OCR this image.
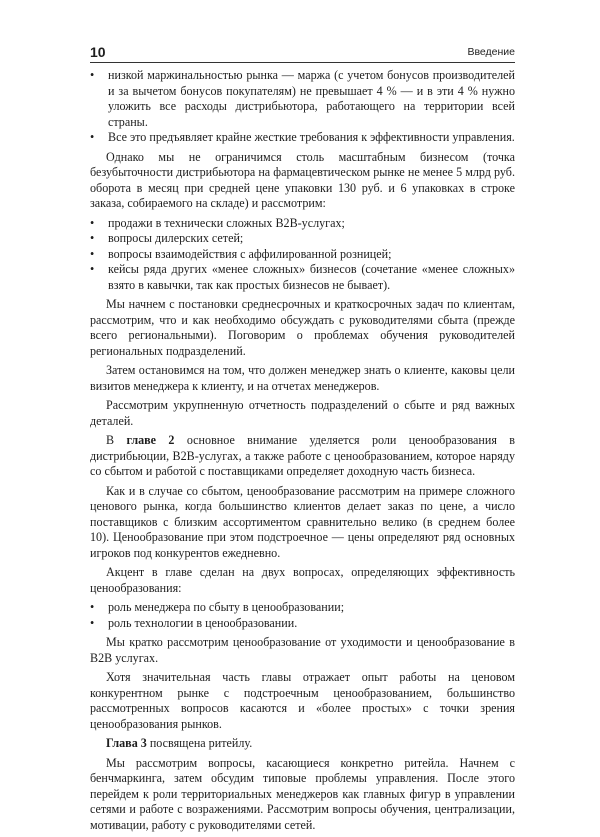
10	Введение
•	низкой маржинальностью рынка — маржа (с учетом бонусов производителей и за вычетом бонусов покупателям) не превышает 4 % — и в эти 4 % нужно уложить все расходы дистрибьютора, работающего на территории всей страны.
•	Все это предъявляет крайне жесткие требования к эффективности управления.

Однако мы не ограничимся столь масштабным бизнесом (точка безубыточности дистрибьютора на фармацевтическом рынке не менее 5 млрд руб. оборота в месяц при средней цене упаковки 130 руб. и 6 упаковках в строке заказа, собираемого на складе) и рассмотрим:

•	продажи в технически сложных B2B-услугах;
•	вопросы дилерских сетей;
•	вопросы взаимодействия с аффилированной розницей;
•	кейсы ряда других «менее сложных» бизнесов (сочетание «менее сложных» взято в кавычки, так как простых бизнесов не бывает).

Мы начнем с постановки среднесрочных и краткосрочных задач по клиентам, рассмотрим, что и как необходимо обсуждать с руководителями сбыта (прежде всего региональными). Поговорим о проблемах обучения руководителей региональных подразделений.

Затем остановимся на том, что должен менеджер знать о клиенте, каковы цели визитов менеджера к клиенту, и на отчетах менеджеров.

Рассмотрим укрупненную отчетность подразделений о сбыте и ряд важных деталей.

В главе 2 основное внимание уделяется роли ценообразования в дистрибьюции, B2B-услугах, а также работе с ценообразованием, которое наряду со сбытом и работой с поставщиками определяет доходную часть бизнеса.

Как и в случае со сбытом, ценообразование рассмотрим на примере сложного ценового рынка, когда большинство клиентов делает заказ по цене, а число поставщиков с близким ассортиментом сравнительно велико (в среднем более 10). Ценообразование при этом подстроечное — цены определяют ряд основных игроков под конкурентов ежедневно.

Акцент в главе сделан на двух вопросах, определяющих эффективность ценообразования:

•	роль менеджера по сбыту в ценообразовании;
•	роль технологии в ценообразовании.

Мы кратко рассмотрим ценообразование от уходимости и ценообразование в B2B услугах.

Хотя значительная часть главы отражает опыт работы на ценовом конкурентном рынке с подстроечным ценообразованием, большинство рассмотренных вопросов касаются и «более простых» с точки зрения ценообразования рынков.

Глава 3 посвящена ритейлу.

Мы рассмотрим вопросы, касающиеся конкретно ритейла. Начнем с бенчмаркинга, затем обсудим типовые проблемы управления. После этого перейдем к роли территориальных менеджеров как главных фигур в управлении сетями и работе с возражениями. Рассмотрим вопросы обучения, централизации, мотивации, работу с руководителями сетей.
